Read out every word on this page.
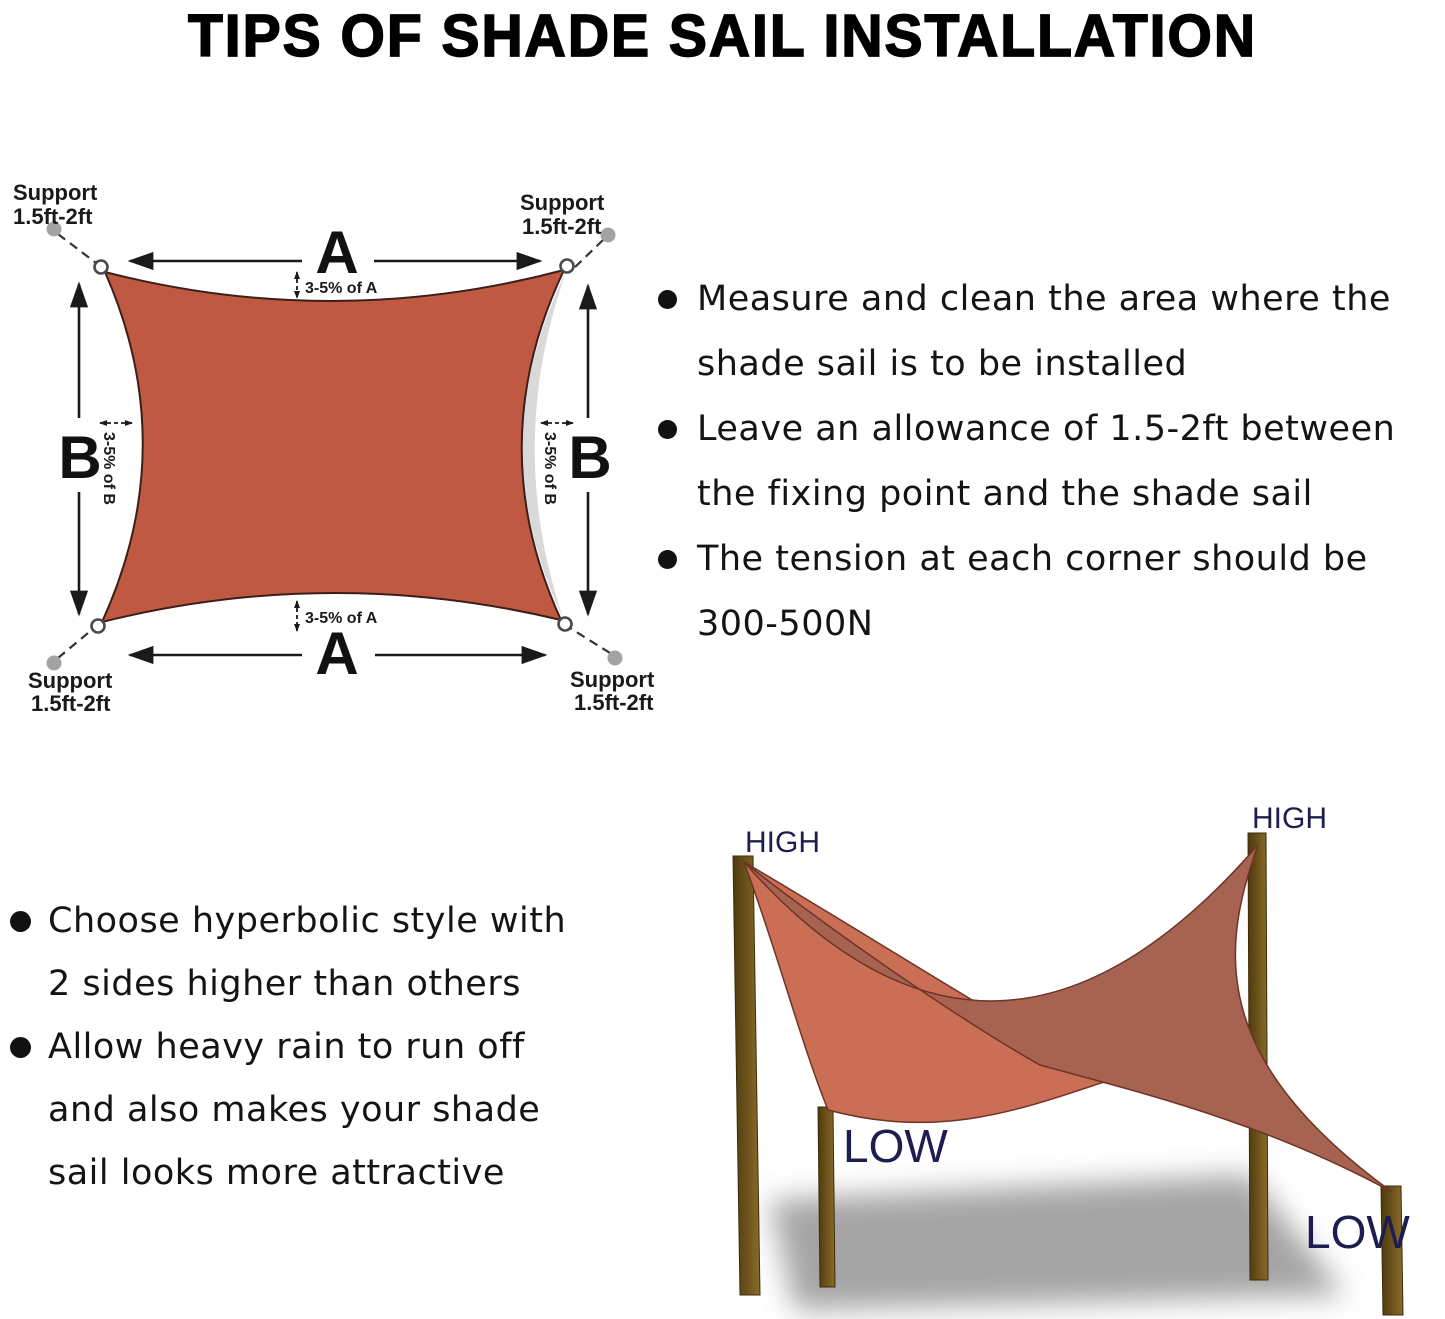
TIPS OF SHADE SAIL INSTALLATION
A
3-5% of A
A
3-5% of A
B
3-5% of B	B
3-5% of B
Support
1.5ft-2ft
Support
1.5ft-2ft
Support
1.5ft-2ft
Support
1.5ft-2ft
Measure and clean the area where the
shade sail is to be installed
Leave an allowance of 1.5-2ft between
the fixing point and the shade sail
The tension at each corner should be
300-500N
Choose hyperbolic style with
2 sides higher than others
Allow heavy rain to run off
and also makes your shade
sail looks more attractive
HIGH
HIGH
LOW
LOW
